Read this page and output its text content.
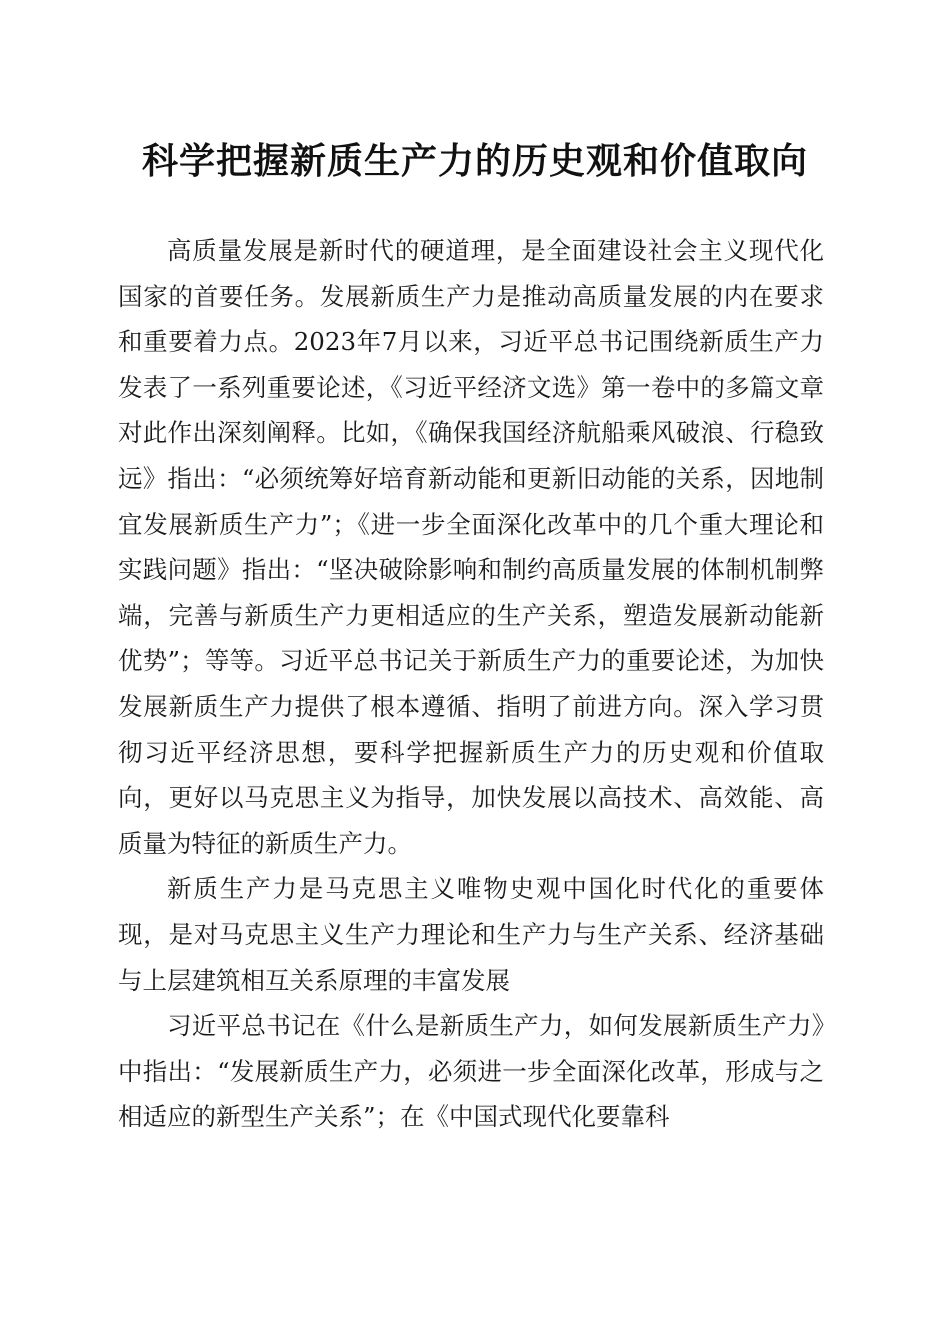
科学把握新质生产力的历史观和价值取向

高质量发展是新时代的硬道理，是全面建设社会主义现代化国家的首要任务。发展新质生产力是推动高质量发展的内在要求和重要着力点。2023年7月以来，习近平总书记围绕新质生产力发表了一系列重要论述，《习近平经济文选》第一卷中的多篇文章对此作出深刻阐释。比如，《确保我国经济航船乘风破浪、行稳致远》指出：“必须统筹好培育新动能和更新旧动能的关系，因地制宜发展新质生产力”；《进一步全面深化改革中的几个重大理论和实践问题》指出：“坚决破除影响和制约高质量发展的体制机制弊端，完善与新质生产力更相适应的生产关系，塑造发展新动能新优势”；等等。习近平总书记关于新质生产力的重要论述，为加快发展新质生产力提供了根本遵循、指明了前进方向。深入学习贯彻习近平经济思想，要科学把握新质生产力的历史观和价值取向，更好以马克思主义为指导，加快发展以高技术、高效能、高质量为特征的新质生产力。

新质生产力是马克思主义唯物史观中国化时代化的重要体现，是对马克思主义生产力理论和生产力与生产关系、经济基础与上层建筑相互关系原理的丰富发展

习近平总书记在《什么是新质生产力，如何发展新质生产力》中指出：“发展新质生产力，必须进一步全面深化改革，形成与之相适应的新型生产关系”；在《中国式现代化要靠科
